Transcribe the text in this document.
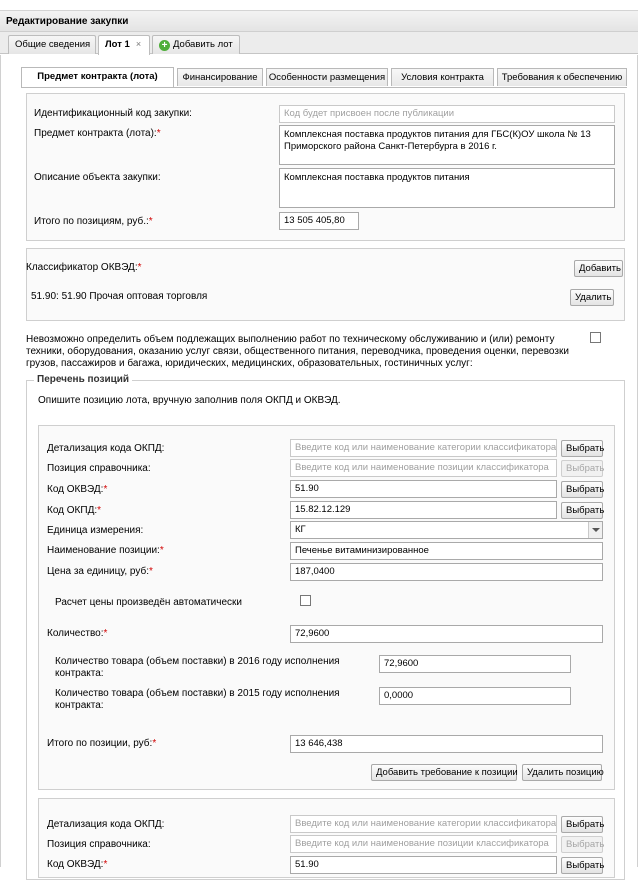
Редактирование закупки
Общие сведения	Лот 1 ×	+ Добавить лот
Предмет контракта (лота)	Финансирование	Особенности размещения	Условия контракта	Требования к обеспечению
Идентификационный код закупки:	Код будет присвоен после публикации
Предмет контракта (лота):*	Комплексная поставка продуктов питания для ГБС(К)ОУ школа № 13 Приморского района Санкт-Петербурга в 2016 г.
Описание объекта закупки:	Комплексная поставка продуктов питания
Итого по позициям, руб.:*	13 505 405,80
Классификатор ОКВЭД:*	Добавить
51.90: 51.90 Прочая оптовая торговля	Удалить
Невозможно определить объем подлежащих выполнению работ по техническому обслуживанию и (или) ремонту техники, оборудования, оказанию услуг связи, общественного питания, переводчика, проведения оценки, перевозки грузов, пассажиров и багажа, юридических, медицинских, образовательных, гостиничных услуг:
Перечень позиций
Опишите позицию лота, вручную заполнив поля ОКПД и ОКВЭД.
Детализация кода ОКПД:	Введите код или наименование категории классификатора	Выбрать
Позиция справочника:	Введите код или наименование позиции классификатора	Выбрать
Код ОКВЭД:*	51.90	Выбрать
Код ОКПД:*	15.82.12.129	Выбрать
Единица измерения:	КГ
Наименование позиции:*	Печенье витаминизированное
Цена за единицу, руб:*	187,0400
Расчет цены произведён автоматически
Количество:*	72,9600
Количество товара (объем поставки) в 2016 году исполнения контракта:
72,9600
Количество товара (объем поставки) в 2015 году исполнения контракта:
0,0000
Итого по позиции, руб:*	13 646,438
Добавить требование к позиции Удалить позицию
Детализация кода ОКПД:	Введите код или наименование категории классификатора	Выбрать
Позиция справочника:	Введите код или наименование позиции классификатора	Выбрать
Код ОКВЭД:*	51.90	Выбрать
